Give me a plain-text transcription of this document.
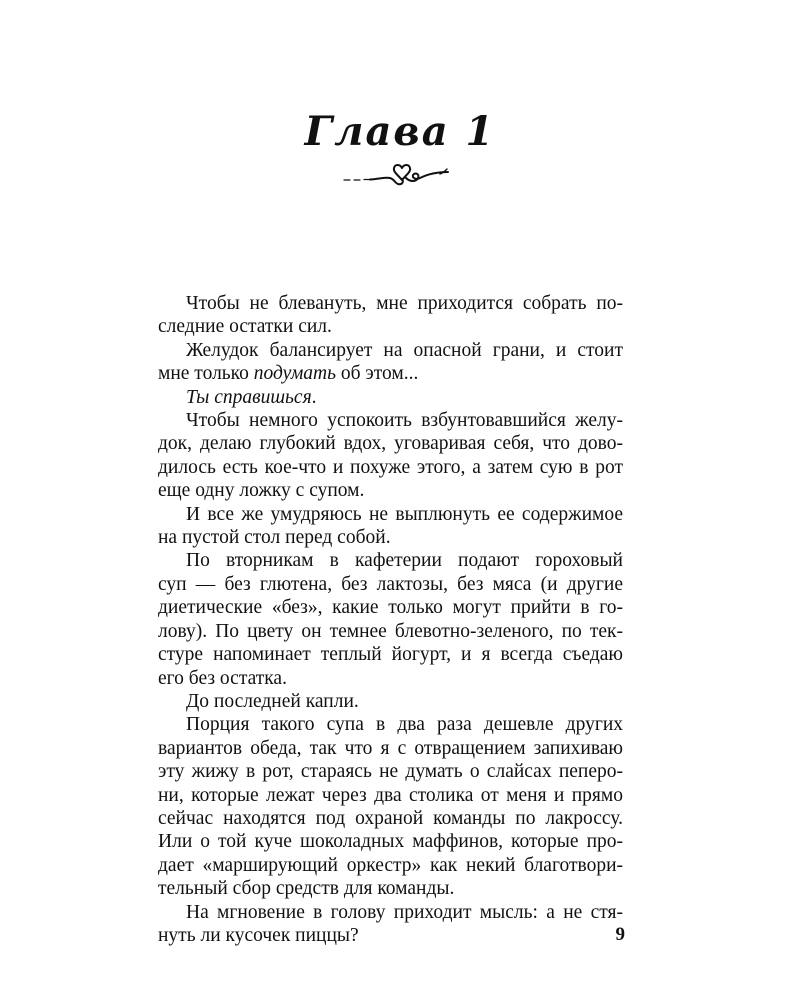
Глава 1
Чтобы не блевануть, мне приходится собрать по-
следние остатки сил.
Желудок балансирует на опасной грани, и стоит
мне только подумать об этом...
Ты справишься.
Чтобы немного успокоить взбунтовавшийся желу-
док, делаю глубокий вдох, уговаривая себя, что дово-
дилось есть кое-что и похуже этого, а затем сую в рот
еще одну ложку с супом.
И все же умудряюсь не выплюнуть ее содержимое
на пустой стол перед собой.
По вторникам в кафетерии подают гороховый
суп — без глютена, без лактозы, без мяса (и другие
диетические «без», какие только могут прийти в го-
лову). По цвету он темнее блевотно-зеленого, по тек-
стуре напоминает теплый йогурт, и я всегда съедаю
его без остатка.
До последней капли.
Порция такого супа в два раза дешевле других
вариантов обеда, так что я с отвращением запихиваю
эту жижу в рот, стараясь не думать о слайсах пеперо-
ни, которые лежат через два столика от меня и прямо
сейчас находятся под охраной команды по лакроссу.
Или о той куче шоколадных маффинов, которые про-
дает «марширующий оркестр» как некий благотвори-
тельный сбор средств для команды.
На мгновение в голову приходит мысль: а не стя-
нуть ли кусочек пиццы?	9
